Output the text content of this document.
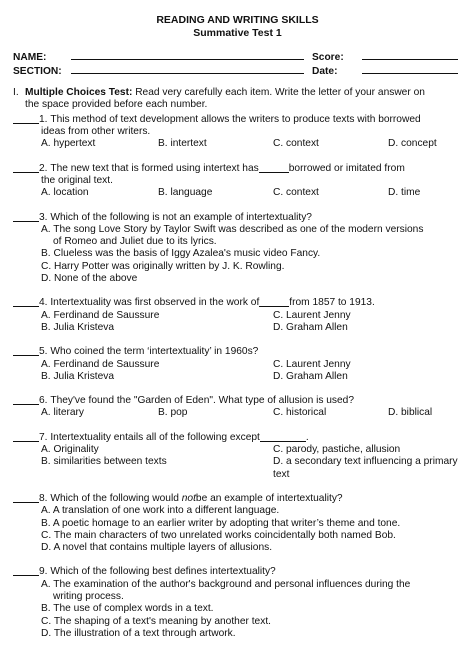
READING AND WRITING SKILLS
Summative Test 1
NAME:	Score:
SECTION:	Date:
I. Multiple Choices Test: Read very carefully each item. Write the letter of your answer on
the space provided before each number.
1.
This method of text development allows the writers to produce texts with borrowed
ideas from other writers.
A. hypertext	B. intertext	C. context	D. concept
2.
The new text that is formed using intertext has	borrowed or imitated from
the original text.
A. location	B. language	C. context	D. time
3.
Which of the following is not an example of intertextuality?
A. The song Love Story by Taylor Swift was described as one of the modern versions
of Romeo and Juliet due to its lyrics.
B. Clueless was the basis of Iggy Azalea's music video Fancy.
C. Harry Potter was originally written by J. K. Rowling.
D. None of the above
4.
Intertextuality was first observed in the work of	from 1857 to 1913.
A. Ferdinand de Saussure	C. Laurent Jenny
B. Julia Kristeva	D. Graham Allen
5.
Who coined the term ‘intertextuality’ in 1960s?
A. Ferdinand de Saussure	C. Laurent Jenny
B. Julia Kristeva	D. Graham Allen
6.
They've found the "Garden of Eden". What type of allusion is used?
A. literary	B. pop	C. historical	D. biblical
7.
Intertextuality entails all of the following except	.
A. Originality	C. parody, pastiche, allusion
B. similarities between texts	D. a secondary text influencing a primary text
8.
Which of the following would
not be an example of intertextuality?
A. A translation of one work into a different language.
B. A poetic homage to an earlier writer by adopting that writer’s theme and tone.
C. The main characters of two unrelated works coincidentally both named Bob.
D. A novel that contains multiple layers of allusions.
9.
Which of the following best defines intertextuality?
A. The examination of the author's background and personal influences during the
writing process.
B. The use of complex words in a text.
C. The shaping of a text's meaning by another text.
D. The illustration of a text through artwork.
